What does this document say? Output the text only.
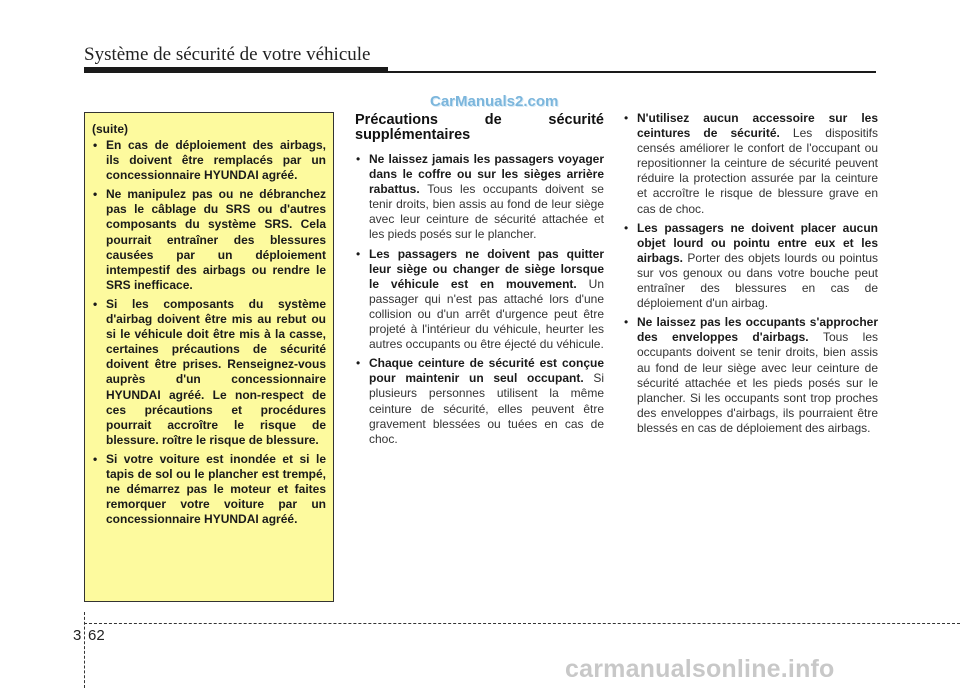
Système de sécurité de votre véhicule
CarManuals2.com
(suite)
• En cas de déploiement des airbags, ils doivent être remplacés par un concessionnaire HYUNDAI agréé.
• Ne manipulez pas ou ne débranchez pas le câblage du SRS ou d'autres composants du système SRS. Cela pourrait entraîner des blessures causées par un déploiement intempestif des airbags ou rendre le SRS inefficace.
• Si les composants du système d'airbag doivent être mis au rebut ou si le véhicule doit être mis à la casse, certaines précautions de sécurité doivent être prises. Renseignez-vous auprès d'un concessionnaire HYUNDAI agréé. Le non-respect de ces précautions et procédures pourrait accroître le risque de blessure. roître le risque de blessure.
• Si votre voiture est inondée et si le tapis de sol ou le plancher est trempé, ne démarrez pas le moteur et faites remorquer votre voiture par un concessionnaire HYUNDAI agréé.
Précautions de sécurité supplémentaires
• Ne laissez jamais les passagers voyager dans le coffre ou sur les sièges arrière rabattus. Tous les occupants doivent se tenir droits, bien assis au fond de leur siège avec leur ceinture de sécurité attachée et les pieds posés sur le plancher.
• Les passagers ne doivent pas quitter leur siège ou changer de siège lorsque le véhicule est en mouvement. Un passager qui n'est pas attaché lors d'une collision ou d'un arrêt d'urgence peut être projeté à l'intérieur du véhicule, heurter les autres occupants ou être éjecté du véhicule.
• Chaque ceinture de sécurité est conçue pour maintenir un seul occupant. Si plusieurs personnes utilisent la même ceinture de sécurité, elles peuvent être gravement blessées ou tuées en cas de choc.
• N'utilisez aucun accessoire sur les ceintures de sécurité. Les dispositifs censés améliorer le confort de l'occupant ou repositionner la ceinture de sécurité peuvent réduire la protection assurée par la ceinture et accroître le risque de blessure grave en cas de choc.
• Les passagers ne doivent placer aucun objet lourd ou pointu entre eux et les airbags. Porter des objets lourds ou pointus sur vos genoux ou dans votre bouche peut entraîner des blessures en cas de déploiement d'un airbag.
• Ne laissez pas les occupants s'approcher des enveloppes d'airbags. Tous les occupants doivent se tenir droits, bien assis au fond de leur siège avec leur ceinture de sécurité attachée et les pieds posés sur le plancher. Si les occupants sont trop proches des enveloppes d'airbags, ils pourraient être blessés en cas de déploiement des airbags.
3 62
carmanualsonline.info
